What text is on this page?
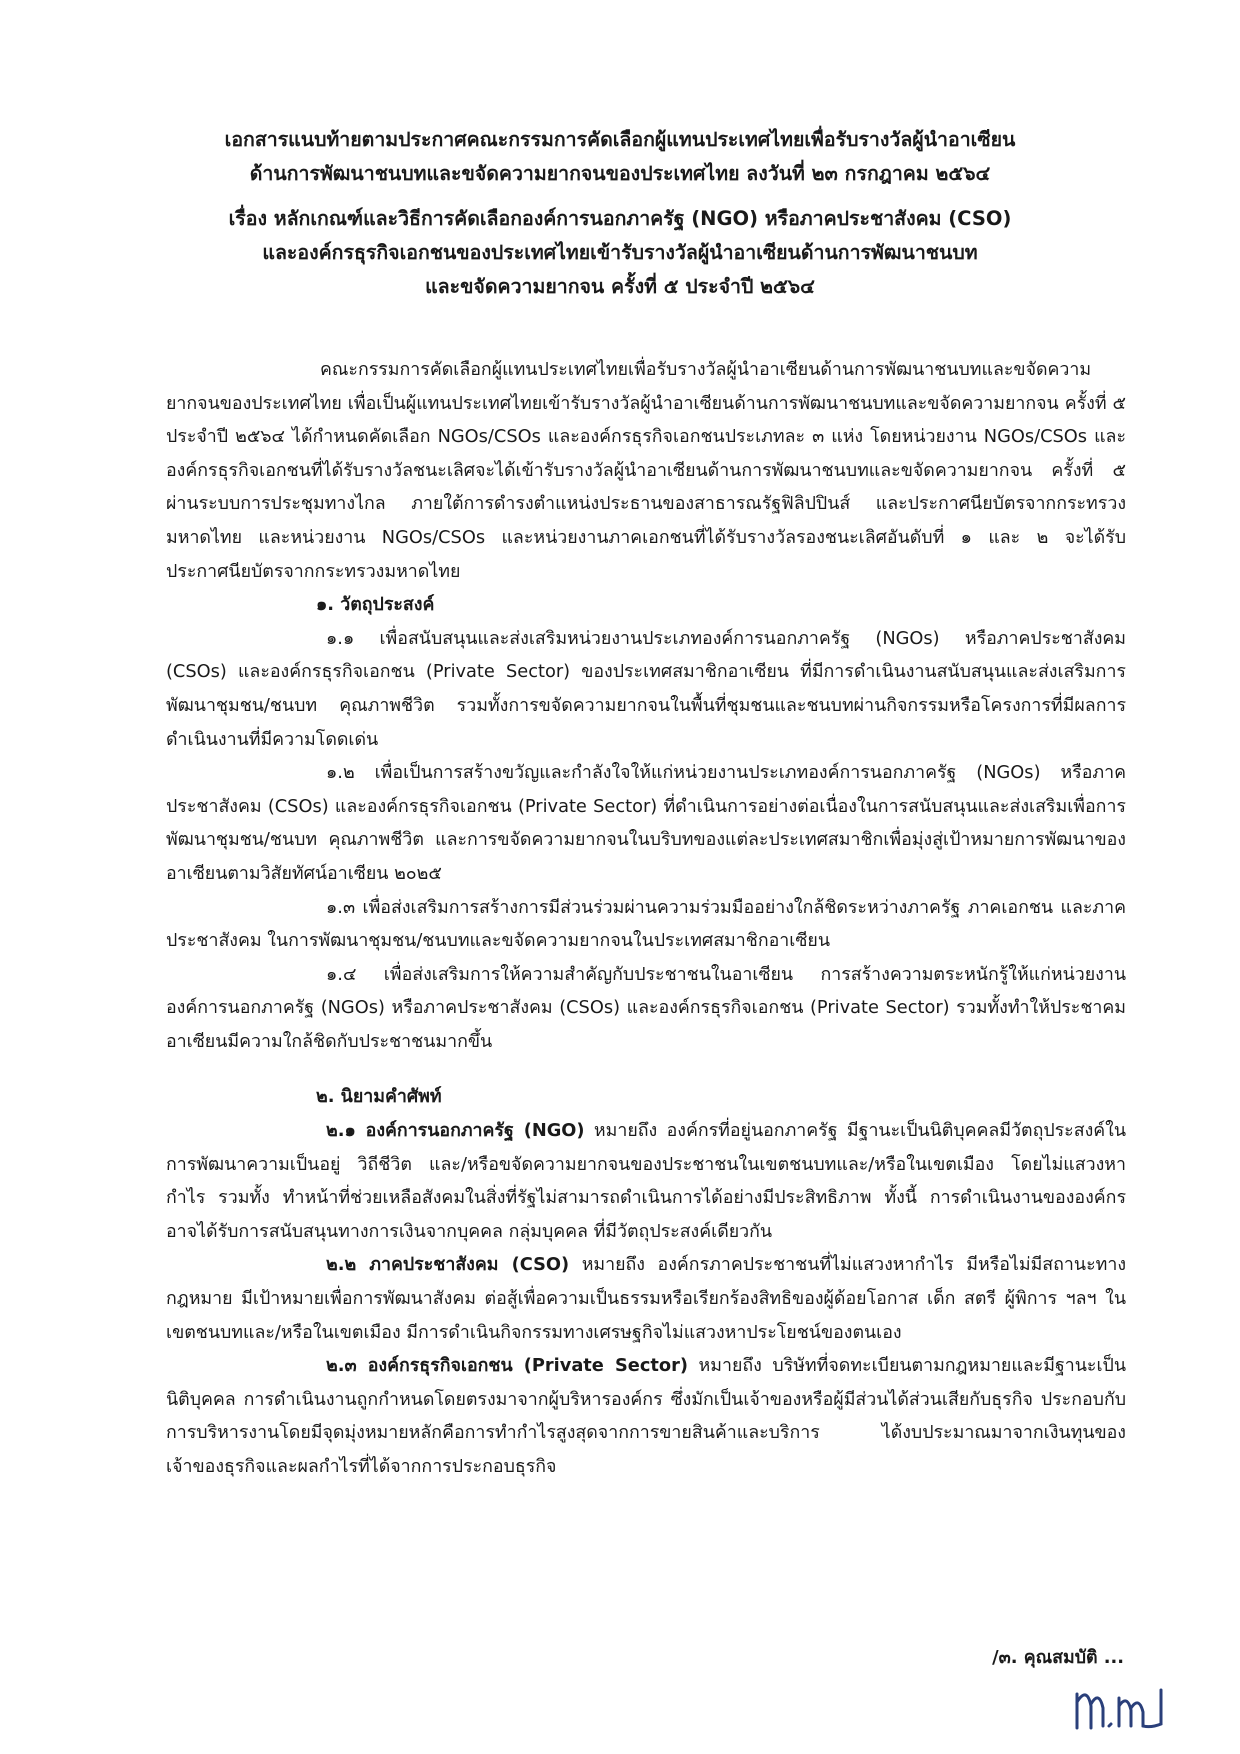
เอกสารแนบท้ายตามประกาศคณะกรรมการคัดเลือกผู้แทนประเทศไทยเพื่อรับรางวัลผู้นำอาเซียน

ด้านการพัฒนาชนบทและขจัดความยากจนของประเทศไทย ลงวันที่ ๒๓ กรกฎาคม ๒๕๖๔

เรื่อง หลักเกณฑ์และวิธีการคัดเลือกองค์การนอกภาครัฐ (NGO) หรือภาคประชาสังคม (CSO)

และองค์กรธุรกิจเอกชนของประเทศไทยเข้ารับรางวัลผู้นำอาเซียนด้านการพัฒนาชนบท

และขจัดความยากจน ครั้งที่ ๕ ประจำปี ๒๕๖๔

คณะกรรมการคัดเลือกผู้แทนประเทศไทยเพื่อรับรางวัลผู้นำอาเซียนด้านการพัฒนาชนบทและขจัดความยากจนของประเทศไทย เพื่อเป็นผู้แทนประเทศไทยเข้ารับรางวัลผู้นำอาเซียนด้านการพัฒนาชนบทและขจัดความยากจน ครั้งที่ ๕ ประจำปี ๒๕๖๔ ได้กำหนดคัดเลือก NGOs/CSOs และองค์กรธุรกิจเอกชนประเภทละ ๓ แห่ง โดยหน่วยงาน NGOs/CSOs และองค์กรธุรกิจเอกชนที่ได้รับรางวัลชนะเลิศจะได้เข้ารับรางวัลผู้นำอาเซียนด้านการพัฒนาชนบทและขจัดความยากจน ครั้งที่ ๕ ผ่านระบบการประชุมทางไกล ภายใต้การดำรงตำแหน่งประธานของสาธารณรัฐฟิลิปปินส์ และประกาศนียบัตรจากกระทรวงมหาดไทย และหน่วยงาน NGOs/CSOs และหน่วยงานภาคเอกชนที่ได้รับรางวัลรองชนะเลิศอันดับที่ ๑ และ ๒ จะได้รับประกาศนียบัตรจากกระทรวงมหาดไทย

๑. วัตถุประสงค์

๑.๑ เพื่อสนับสนุนและส่งเสริมหน่วยงานประเภทองค์การนอกภาครัฐ (NGOs) หรือภาคประชาสังคม (CSOs) และองค์กรธุรกิจเอกชน (Private Sector) ของประเทศสมาชิกอาเซียน ที่มีการดำเนินงานสนับสนุนและส่งเสริมการพัฒนาชุมชน/ชนบท คุณภาพชีวิต รวมทั้งการขจัดความยากจนในพื้นที่ชุมชนและชนบทผ่านกิจกรรมหรือโครงการที่มีผลการดำเนินงานที่มีความโดดเด่น

๑.๒ เพื่อเป็นการสร้างขวัญและกำลังใจให้แก่หน่วยงานประเภทองค์การนอกภาครัฐ (NGOs) หรือภาคประชาสังคม (CSOs) และองค์กรธุรกิจเอกชน (Private Sector) ที่ดำเนินการอย่างต่อเนื่องในการสนับสนุนและส่งเสริมเพื่อการพัฒนาชุมชน/ชนบท คุณภาพชีวิต และการขจัดความยากจนในบริบทของแต่ละประเทศสมาชิกเพื่อมุ่งสู่เป้าหมายการพัฒนาของอาเซียนตามวิสัยทัศน์อาเซียน ๒๐๒๕

๑.๓ เพื่อส่งเสริมการสร้างการมีส่วนร่วมผ่านความร่วมมืออย่างใกล้ชิดระหว่างภาครัฐ ภาคเอกชน และภาคประชาสังคม ในการพัฒนาชุมชน/ชนบทและขจัดความยากจนในประเทศสมาชิกอาเซียน

๑.๔ เพื่อส่งเสริมการให้ความสำคัญกับประชาชนในอาเซียน การสร้างความตระหนักรู้ให้แก่หน่วยงานองค์การนอกภาครัฐ (NGOs) หรือภาคประชาสังคม (CSOs) และองค์กรธุรกิจเอกชน (Private Sector) รวมทั้งทำให้ประชาคมอาเซียนมีความใกล้ชิดกับประชาชนมากขึ้น

๒. นิยามคำศัพท์

๒.๑ องค์การนอกภาครัฐ (NGO) หมายถึง องค์กรที่อยู่นอกภาครัฐ มีฐานะเป็นนิติบุคคลมีวัตถุประสงค์ในการพัฒนาความเป็นอยู่ วิถีชีวิต และ/หรือขจัดความยากจนของประชาชนในเขตชนบทและ/หรือในเขตเมือง โดยไม่แสวงหากำไร รวมทั้ง ทำหน้าที่ช่วยเหลือสังคมในสิ่งที่รัฐไม่สามารถดำเนินการได้อย่างมีประสิทธิภาพ ทั้งนี้ การดำเนินงานขององค์กรอาจได้รับการสนับสนุนทางการเงินจากบุคคล กลุ่มบุคคล ที่มีวัตถุประสงค์เดียวกัน

๒.๒ ภาคประชาสังคม (CSO) หมายถึง องค์กรภาคประชาชนที่ไม่แสวงหากำไร มีหรือไม่มีสถานะทางกฎหมาย มีเป้าหมายเพื่อการพัฒนาสังคม ต่อสู้เพื่อความเป็นธรรมหรือเรียกร้องสิทธิของผู้ด้อยโอกาส เด็ก สตรี ผู้พิการ ฯลฯ ในเขตชนบทและ/หรือในเขตเมือง มีการดำเนินกิจกรรมทางเศรษฐกิจไม่แสวงหาประโยชน์ของตนเอง

๒.๓ องค์กรธุรกิจเอกชน (Private Sector) หมายถึง บริษัทที่จดทะเบียนตามกฎหมายและมีฐานะเป็นนิติบุคคล การดำเนินงานถูกกำหนดโดยตรงมาจากผู้บริหารองค์กร ซึ่งมักเป็นเจ้าของหรือผู้มีส่วนได้ส่วนเสียกับธุรกิจ ประกอบกับการบริหารงานโดยมีจุดมุ่งหมายหลักคือการทำกำไรสูงสุดจากการขายสินค้าและบริการ ได้งบประมาณมาจากเงินทุนของเจ้าของธุรกิจและผลกำไรที่ได้จากการประกอบธุรกิจ

/๓. คุณสมบัติ ...
